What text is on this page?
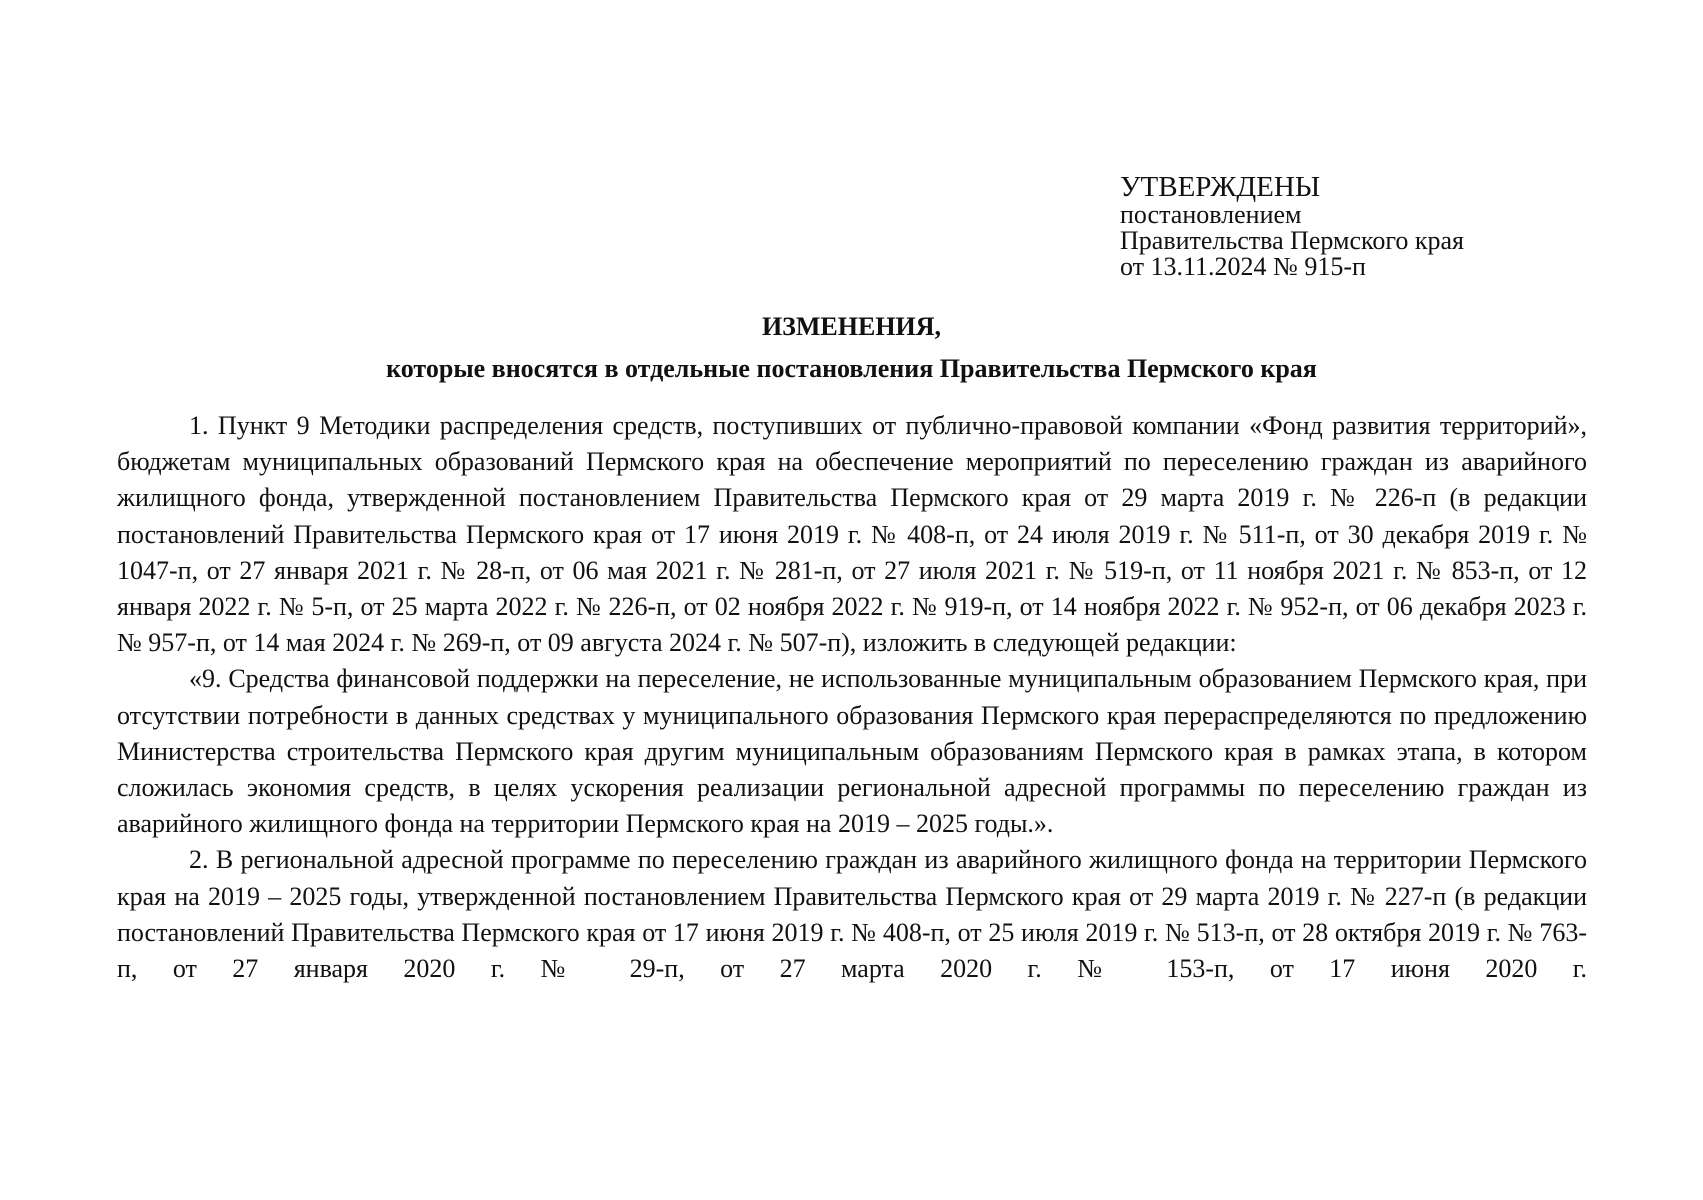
УТВЕРЖДЕНЫ
постановлением
Правительства Пермского края
от 13.11.2024 № 915-п
ИЗМЕНЕНИЯ,
которые вносятся в отдельные постановления Правительства Пермского края

1. Пункт 9 Методики распределения средств, поступивших от публично-правовой компании «Фонд развития территорий», бюджетам муниципальных образований Пермского края на обеспечение мероприятий по переселению граждан из аварийного жилищного фонда, утвержденной постановлением Правительства Пермского края от 29 марта 2019 г. № 226-п (в редакции постановлений Правительства Пермского края от 17 июня 2019 г. № 408-п, от 24 июля 2019 г. № 511-п, от 30 декабря 2019 г. № 1047-п, от 27 января 2021 г. № 28-п, от 06 мая 2021 г. № 281-п, от 27 июля 2021 г. № 519-п, от 11 ноября 2021 г. № 853-п, от 12 января 2022 г. № 5-п, от 25 марта 2022 г. № 226-п, от 02 ноября 2022 г. № 919-п, от 14 ноября 2022 г. № 952-п, от 06 декабря 2023 г. № 957-п, от 14 мая 2024 г. № 269-п, от 09 августа 2024 г. № 507-п), изложить в следующей редакции:

«9. Средства финансовой поддержки на переселение, не использованные муниципальным образованием Пермского края, при отсутствии потребности в данных средствах у муниципального образования Пермского края перераспределяются по предложению Министерства строительства Пермского края другим муниципальным образованиям Пермского края в рамках этапа, в котором сложилась экономия средств, в целях ускорения реализации региональной адресной программы по переселению граждан из аварийного жилищного фонда на территории Пермского края на 2019 – 2025 годы.».

2. В региональной адресной программе по переселению граждан из аварийного жилищного фонда на территории Пермского края на 2019 – 2025 годы, утвержденной постановлением Правительства Пермского края от 29 марта 2019 г. № 227-п (в редакции постановлений Правительства Пермского края от 17 июня 2019 г. № 408-п, от 25 июля 2019 г. № 513-п, от 28 октября 2019 г. № 763-п, от 27 января 2020 г. № 29-п, от 27 марта 2020 г. № 153-п, от 17 июня 2020 г.
